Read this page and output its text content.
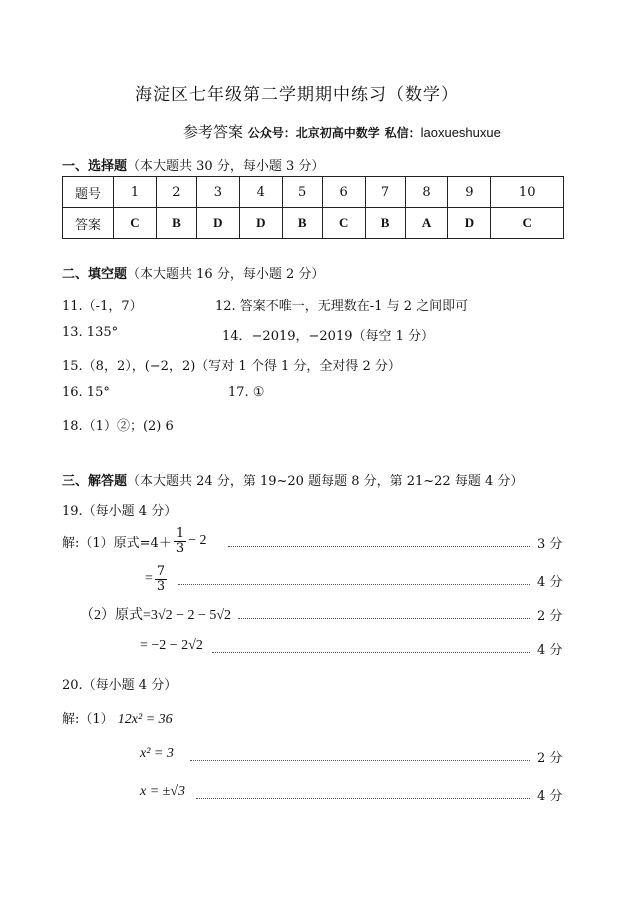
海淀区七年级第二学期期中练习（数学）
参考答案 公众号：北京初高中数学 私信：laoxueshuxue
一、选择题（本大题共 30 分，每小题 3 分）
题号	1	2	3	4	5	6	7	8	9	10
答案	C	B	D	D	B	C	B	A	D	C
二、填空题（本大题共 16 分，每小题 2 分）
11.（-1，7）	12. 答案不唯一，无理数在-1 与 2 之间即可
13. 135°	14．−2019，−2019（每空 1 分）
15.（8，2），(−2，2)（写对 1 个得 1 分，全对得 2 分）
16. 15°	17. ①
18.（1）②；(2) 6
三、解答题（本大题共 24 分，第 19~20 题每题 8 分，第 21~22 每题 4 分）
19.（每小题 4 分）
解:（1）原式$=4+ \frac{1}{3} - 2$	3 分
= $\frac{7}{3}$	4 分
（2）原式=3√2 − 2 − 5√2	2 分
= −2 − 2√2	4 分
20.（每小题 4 分）
解:（1） 12x² = 36
x² = 3	2 分
x = ±√3	4 分
